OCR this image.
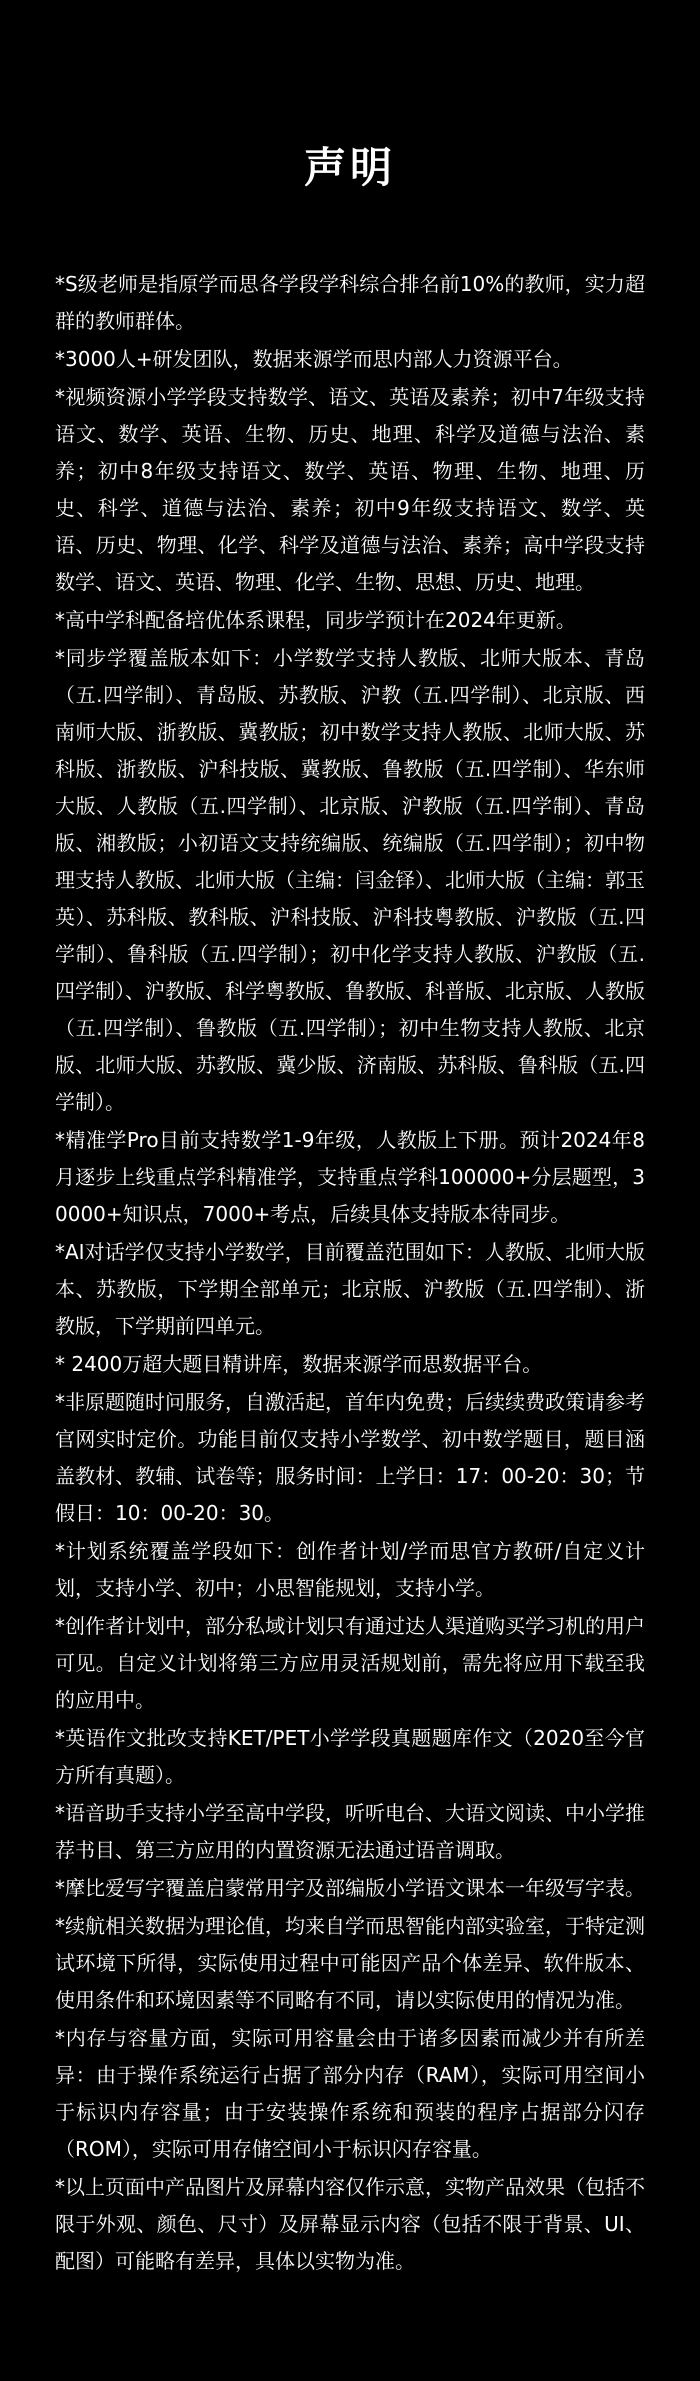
声明
*S级老师是指原学而思各学段学科综合排名前10%的教师，实力超群的教师群体。
*3000人+研发团队，数据来源学而思内部人力资源平台。
*视频资源小学学段支持数学、语文、英语及素养；初中7年级支持语文、数学、英语、生物、历史、地理、科学及道德与法治、素养；初中8年级支持语文、数学、英语、物理、生物、地理、历史、科学、道德与法治、素养；初中9年级支持语文、数学、英语、历史、物理、化学、科学及道德与法治、素养；高中学段支持数学、语文、英语、物理、化学、生物、思想、历史、地理。
*高中学科配备培优体系课程，同步学预计在2024年更新。
*同步学覆盖版本如下：小学数学支持人教版、北师大版本、青岛（五.四学制）、青岛版、苏教版、沪教（五.四学制）、北京版、西南师大版、浙教版、冀教版；初中数学支持人教版、北师大版、苏科版、浙教版、沪科技版、冀教版、鲁教版（五.四学制）、华东师大版、人教版（五.四学制）、北京版、沪教版（五.四学制）、青岛版、湘教版；小初语文支持统编版、统编版（五.四学制）；初中物理支持人教版、北师大版（主编：闫金铎）、北师大版（主编：郭玉英）、苏科版、教科版、沪科技版、沪科技粤教版、沪教版（五.四学制）、鲁科版（五.四学制）；初中化学支持人教版、沪教版（五.四学制）、沪教版、科学粤教版、鲁教版、科普版、北京版、人教版（五.四学制）、鲁教版（五.四学制）；初中生物支持人教版、北京版、北师大版、苏教版、冀少版、济南版、苏科版、鲁科版（五.四学制）。
*精准学Pro目前支持数学1-9年级，人教版上下册。预计2024年8月逐步上线重点学科精准学，支持重点学科100000+分层题型，30000+知识点，7000+考点，后续具体支持版本待同步。
*AI对话学仅支持小学数学，目前覆盖范围如下：人教版、北师大版本、苏教版，下学期全部单元；北京版、沪教版（五.四学制）、浙教版，下学期前四单元。
* 2400万超大题目精讲库，数据来源学而思数据平台。
*非原题随时问服务，自激活起，首年内免费；后续续费政策请参考官网实时定价。功能目前仅支持小学数学、初中数学题目，题目涵盖教材、教辅、试卷等；服务时间：上学日：17：00-20：30；节假日：10：00-20：30。
*计划系统覆盖学段如下：创作者计划/学而思官方教研/自定义计划，支持小学、初中；小思智能规划，支持小学。
*创作者计划中，部分私域计划只有通过达人渠道购买学习机的用户可见。自定义计划将第三方应用灵活规划前，需先将应用下载至我的应用中。
*英语作文批改支持KET/PET小学学段真题题库作文（2020至今官方所有真题）。
*语音助手支持小学至高中学段，听听电台、大语文阅读、中小学推荐书目、第三方应用的内置资源无法通过语音调取。
*摩比爱写字覆盖启蒙常用字及部编版小学语文课本一年级写字表。
*续航相关数据为理论值，均来自学而思智能内部实验室，于特定测试环境下所得，实际使用过程中可能因产品个体差异、软件版本、使用条件和环境因素等不同略有不同，请以实际使用的情况为准。
*内存与容量方面，实际可用容量会由于诸多因素而减少并有所差异：由于操作系统运行占据了部分内存（RAM），实际可用空间小于标识内存容量；由于安装操作系统和预装的程序占据部分闪存（ROM），实际可用存储空间小于标识闪存容量。
*以上页面中产品图片及屏幕内容仅作示意，实物产品效果（包括不限于外观、颜色、尺寸）及屏幕显示内容（包括不限于背景、UI、配图）可能略有差异，具体以实物为准。
